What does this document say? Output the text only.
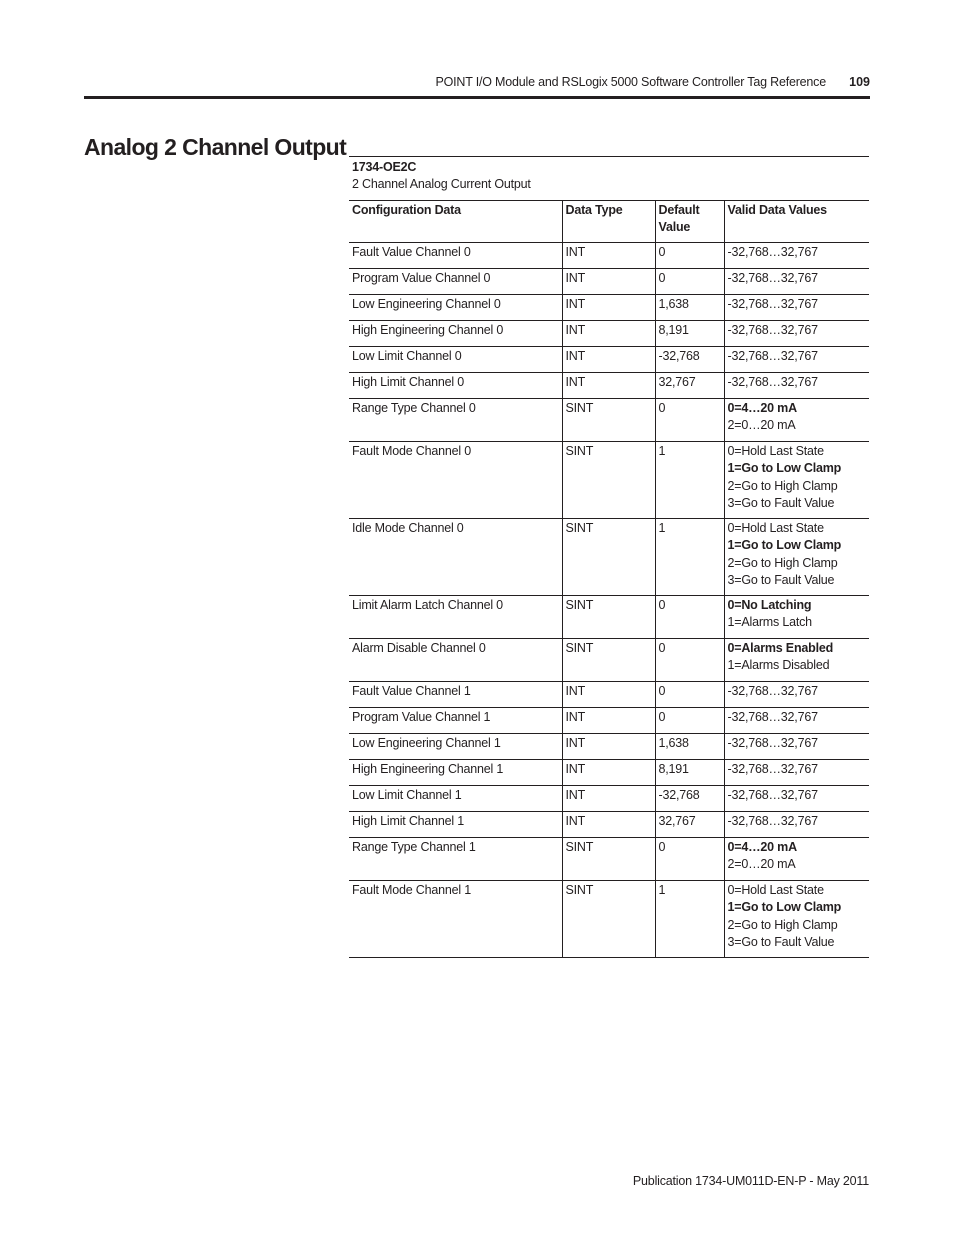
POINT I/O Module and RSLogix 5000 Software Controller Tag Reference	109
Analog 2 Channel Output
1734-OE2C
2 Channel Analog Current Output
Configuration Data	Data Type	Default Value	Valid Data Values
Fault Value Channel 0	INT	0	-32,768…32,767

Program Value Channel 0	INT	0	-32,768…32,767

Low Engineering Channel 0	INT	1,638	-32,768…32,767

High Engineering Channel 0	INT	8,191	-32,768…32,767

Low Limit Channel 0	INT	-32,768	-32,768…32,767

High Limit Channel 0	INT	32,767	-32,768…32,767

Range Type Channel 0	SINT	0	0=4…20 mA
2=0…20 mA

Fault Mode Channel 0	SINT	1	0=Hold Last State
1=Go to Low Clamp
2=Go to High Clamp
3=Go to Fault Value

Idle Mode Channel 0	SINT	1	0=Hold Last State
1=Go to Low Clamp
2=Go to High Clamp
3=Go to Fault Value

Limit Alarm Latch Channel 0	SINT	0	0=No Latching
1=Alarms Latch

Alarm Disable Channel 0	SINT	0	0=Alarms Enabled
1=Alarms Disabled

Fault Value Channel 1	INT	0	-32,768…32,767

Program Value Channel 1	INT	0	-32,768…32,767

Low Engineering Channel 1	INT	1,638	-32,768…32,767

High Engineering Channel 1	INT	8,191	-32,768…32,767

Low Limit Channel 1	INT	-32,768	-32,768…32,767

High Limit Channel 1	INT	32,767	-32,768…32,767

Range Type Channel 1	SINT	0	0=4…20 mA
2=0…20 mA

Fault Mode Channel 1	SINT	1	0=Hold Last State
1=Go to Low Clamp
2=Go to High Clamp
3=Go to Fault Value
Publication 1734-UM011D-EN-P - May 2011
